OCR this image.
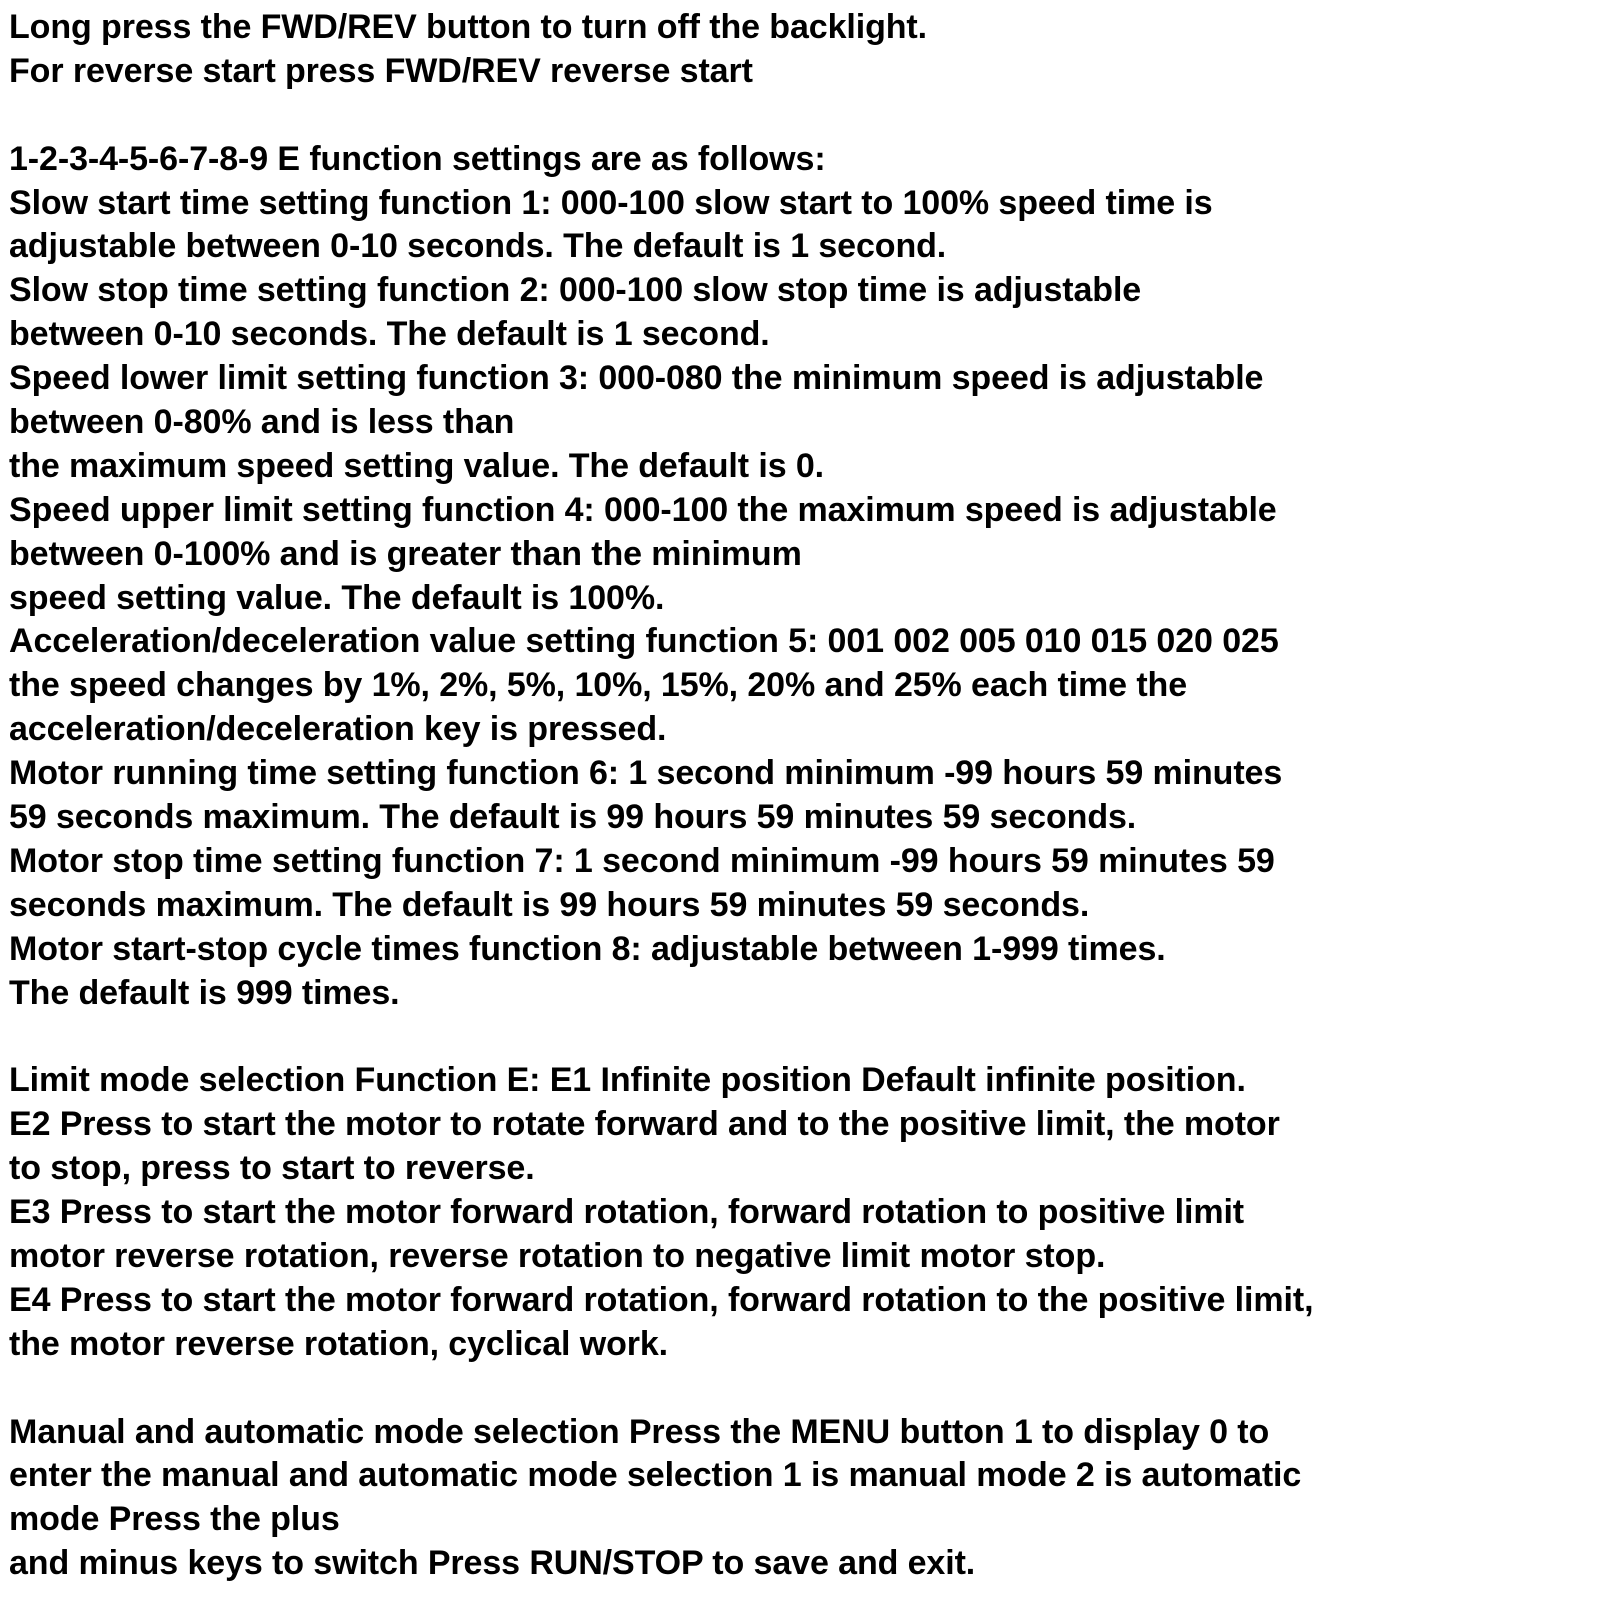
Long press the FWD/REV button to turn off the backlight.
For reverse start press FWD/REV reverse start
1-2-3-4-5-6-7-8-9 E function settings are as follows:
Slow start time setting function 1: 000-100 slow start to 100% speed time is
adjustable between 0-10 seconds. The default is 1 second.
Slow stop time setting function 2: 000-100 slow stop time is adjustable
between 0-10 seconds. The default is 1 second.
Speed lower limit setting function 3: 000-080 the minimum speed is adjustable
between 0-80% and is less than
the maximum speed setting value. The default is 0.
Speed upper limit setting function 4: 000-100 the maximum speed is adjustable
between 0-100% and is greater than the minimum
speed setting value. The default is 100%.
Acceleration/deceleration value setting function 5: 001 002 005 010 015 020 025
the speed changes by 1%, 2%, 5%, 10%, 15%, 20% and 25% each time the
acceleration/deceleration key is pressed.
Motor running time setting function 6: 1 second minimum -99 hours 59 minutes
59 seconds maximum. The default is 99 hours 59 minutes 59 seconds.
Motor stop time setting function 7: 1 second minimum -99 hours 59 minutes 59
seconds maximum. The default is 99 hours 59 minutes 59 seconds.
Motor start-stop cycle times function 8: adjustable between 1-999 times.
The default is 999 times.
Limit mode selection Function E: E1 Infinite position Default infinite position.
E2 Press to start the motor to rotate forward and to the positive limit, the motor
to stop, press to start to reverse.
E3 Press to start the motor forward rotation, forward rotation to positive limit
motor reverse rotation, reverse rotation to negative limit motor stop.
E4 Press to start the motor forward rotation, forward rotation to the positive limit,
the motor reverse rotation, cyclical work.
Manual and automatic mode selection Press the MENU button 1 to display 0 to
enter the manual and automatic mode selection 1 is manual mode 2 is automatic
mode Press the plus
and minus keys to switch Press RUN/STOP to save and exit.
